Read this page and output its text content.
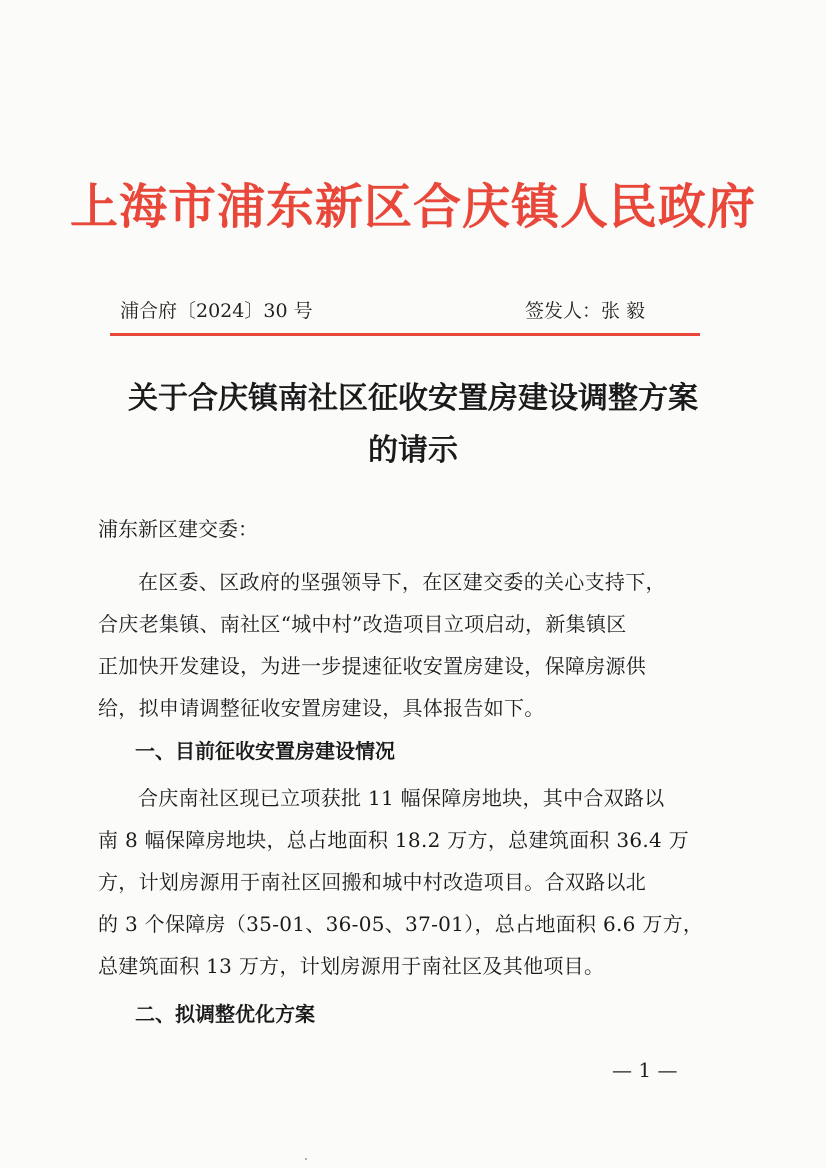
上海市浦东新区合庆镇人民政府
浦合府〔2024〕30 号	签发人：张 毅
关于合庆镇南社区征收安置房建设调整方案
的请示
浦东新区建交委：
在区委、区政府的坚强领导下，在区建交委的关心支持下，
合庆老集镇、南社区“城中村”改造项目立项启动，新集镇区
正加快开发建设，为进一步提速征收安置房建设，保障房源供
给，拟申请调整征收安置房建设，具体报告如下。
一、目前征收安置房建设情况
合庆南社区现已立项获批 11 幅保障房地块，其中合双路以
南 8 幅保障房地块，总占地面积 18.2 万方，总建筑面积 36.4 万
方，计划房源用于南社区回搬和城中村改造项目。合双路以北
的 3 个保障房（35-01、36-05、37-01），总占地面积 6.6 万方，
总建筑面积 13 万方，计划房源用于南社区及其他项目。
二、拟调整优化方案
— 1 —
